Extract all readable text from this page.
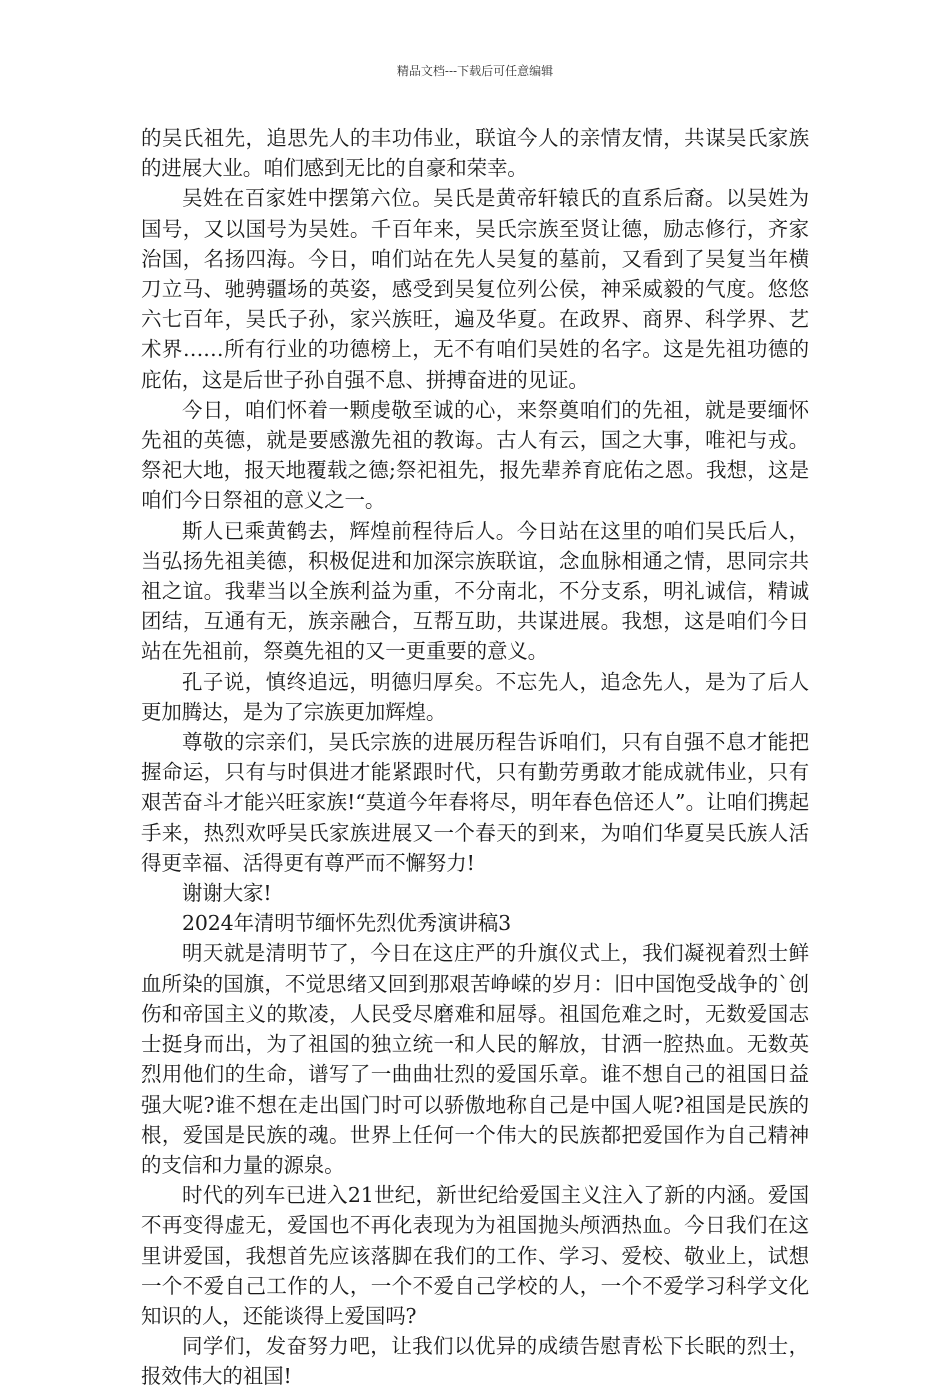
精品文档---下载后可任意编辑

的吴氏祖先，追思先人的丰功伟业，联谊今人的亲情友情，共谋吴氏家族的进展大业。咱们感到无比的自豪和荣幸。

吴姓在百家姓中摆第六位。吴氏是黄帝轩辕氏的直系后裔。以吴姓为国号，又以国号为吴姓。千百年来，吴氏宗族至贤让德，励志修行，齐家治国，名扬四海。今日，咱们站在先人吴复的墓前，又看到了吴复当年横刀立马、驰骋疆场的英姿，感受到吴复位列公侯，神采威毅的气度。悠悠六七百年，吴氏子孙，家兴族旺，遍及华夏。在政界、商界、科学界、艺术界……所有行业的功德榜上，无不有咱们吴姓的名字。这是先祖功德的庇佑，这是后世子孙自强不息、拼搏奋进的见证。

今日，咱们怀着一颗虔敬至诚的心，来祭奠咱们的先祖，就是要缅怀先祖的英德，就是要感激先祖的教诲。古人有云，国之大事，唯祀与戎。祭祀大地，报天地覆载之德;祭祀祖先，报先辈养育庇佑之恩。我想，这是咱们今日祭祖的意义之一。

斯人已乘黄鹤去，辉煌前程待后人。今日站在这里的咱们吴氏后人，当弘扬先祖美德，积极促进和加深宗族联谊，念血脉相通之情，思同宗共祖之谊。我辈当以全族利益为重，不分南北，不分支系，明礼诚信，精诚团结，互通有无，族亲融合，互帮互助，共谋进展。我想，这是咱们今日站在先祖前，祭奠先祖的又一更重要的意义。

孔子说，慎终追远，明德归厚矣。不忘先人，追念先人，是为了后人更加腾达，是为了宗族更加辉煌。

尊敬的宗亲们，吴氏宗族的进展历程告诉咱们，只有自强不息才能把握命运，只有与时俱进才能紧跟时代，只有勤劳勇敢才能成就伟业，只有艰苦奋斗才能兴旺家族!“莫道今年春将尽，明年春色倍还人”。让咱们携起手来，热烈欢呼吴氏家族进展又一个春天的到来，为咱们华夏吴氏族人活得更幸福、活得更有尊严而不懈努力!

谢谢大家!

2024年清明节缅怀先烈优秀演讲稿3

明天就是清明节了，今日在这庄严的升旗仪式上，我们凝视着烈士鲜血所染的国旗，不觉思绪又回到那艰苦峥嵘的岁月：旧中国饱受战争的`创伤和帝国主义的欺凌，人民受尽磨难和屈辱。祖国危难之时，无数爱国志士挺身而出，为了祖国的独立统一和人民的解放，甘洒一腔热血。无数英烈用他们的生命，谱写了一曲曲壮烈的爱国乐章。谁不想自己的祖国日益强大呢?谁不想在走出国门时可以骄傲地称自己是中国人呢?祖国是民族的根，爱国是民族的魂。世界上任何一个伟大的民族都把爱国作为自己精神的支信和力量的源泉。

时代的列车已进入21世纪，新世纪给爱国主义注入了新的内涵。爱国不再变得虚无，爱国也不再化表现为为祖国抛头颅洒热血。今日我们在这里讲爱国，我想首先应该落脚在我们的工作、学习、爱校、敬业上，试想一个不爱自己工作的人，一个不爱自己学校的人，一个不爱学习科学文化知识的人，还能谈得上爱国吗?

同学们，发奋努力吧，让我们以优异的成绩告慰青松下长眠的烈士，报效伟大的祖国!
